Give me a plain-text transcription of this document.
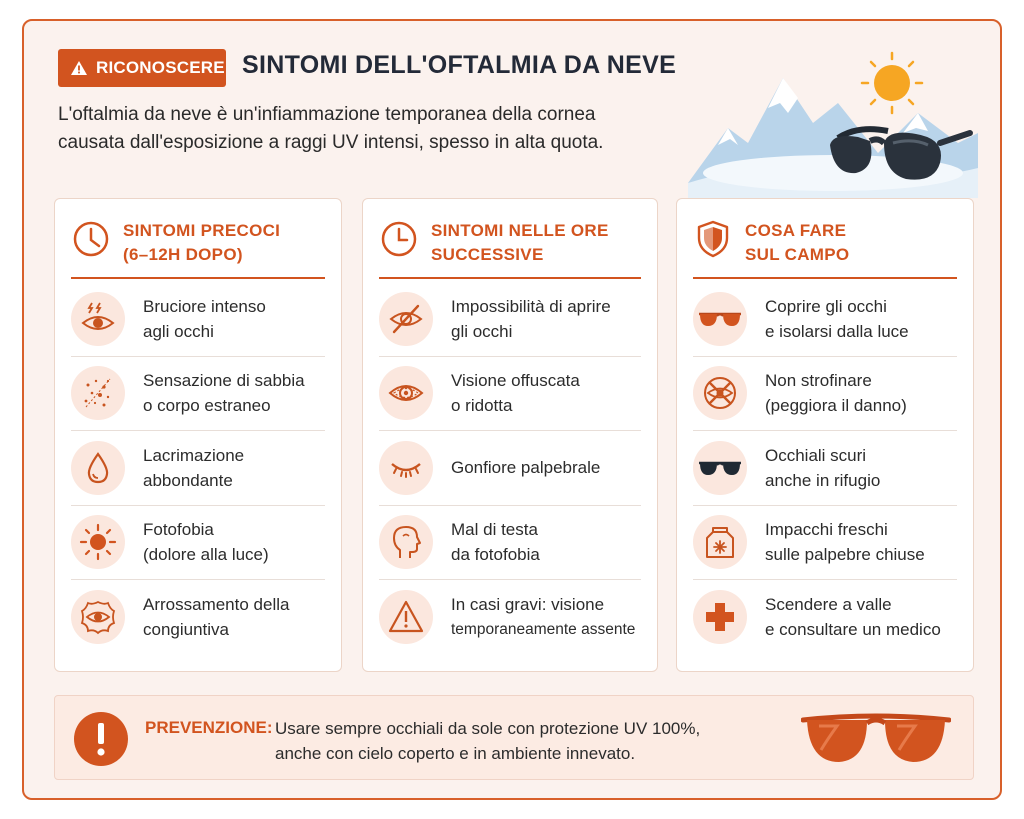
RICONOSCERE SINTOMI DELL'OFTALMIA DA NEVE
L'oftalmia da neve è un'infiammazione temporanea della cornea
causata dall'esposizione a raggi UV intensi, spesso in alta quota.
SINTOMI PRECOCI
(6–12H DOPO)
Bruciore intenso
agli occhi
Sensazione di sabbia
o corpo estraneo
Lacrimazione
abbondante
Fotofobia
(dolore alla luce)
Arrossamento della
congiuntiva
SINTOMI NELLE ORE
SUCCESSIVE
Impossibilità di aprire
gli occhi
Visione offuscata
o ridotta
Gonfiore palpebrale
Mal di testa
da fotofobia
In casi gravi: visione
temporaneamente assente
COSA FARE
SUL CAMPO
Coprire gli occhi
e isolarsi dalla luce
Non strofinare
(peggiora il danno)
Occhiali scuri
anche in rifugio
Impacchi freschi
sulle palpebre chiuse
Scendere a valle
e consultare un medico
PREVENZIONE: Usare sempre occhiali da sole con protezione UV 100%,
anche con cielo coperto e in ambiente innevato.
